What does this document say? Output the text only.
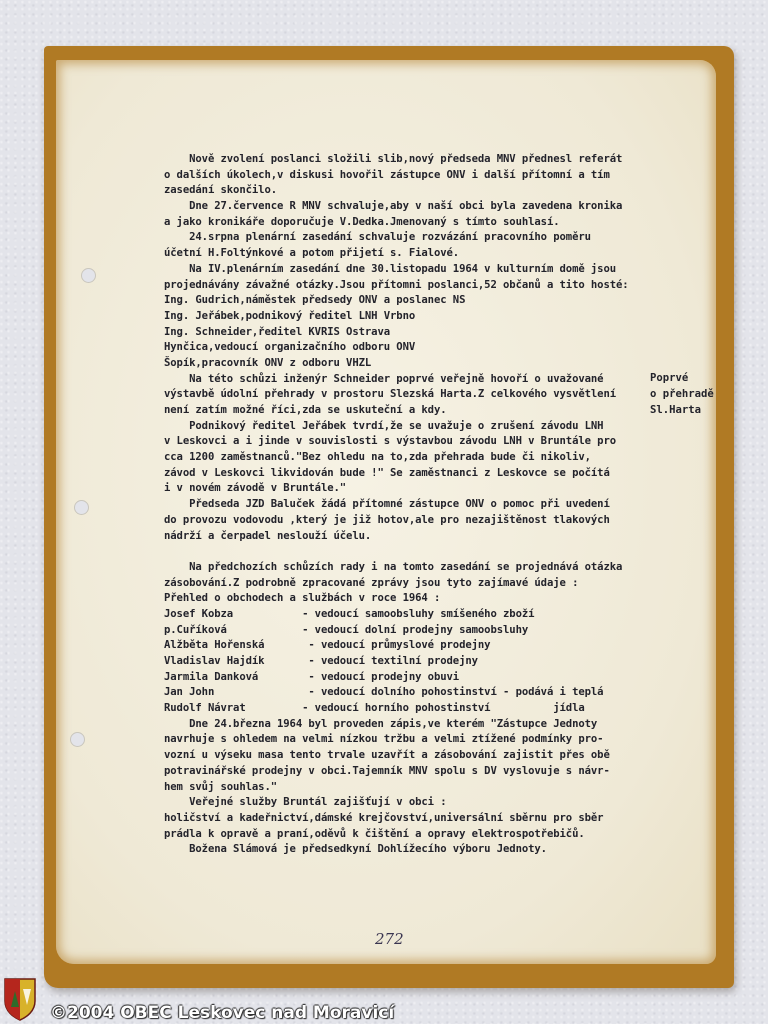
Nově zvolení poslanci složili slib,nový předseda MNV přednesl referát
o dalších úkolech,v diskusi hovořil zástupce ONV i další přítomní a tím
zasedání skončilo.
Dne 27.července R MNV schvaluje,aby v naší obci byla zavedena kronika
a jako kronikáře doporučuje V.Dedka.Jmenovaný s tímto souhlasí.
24.srpna plenární zasedání schvaluje rozvázání pracovního poměru
účetní H.Foltýnkové a potom přijetí s. Fialové.
Na IV.plenárním zasedání dne 30.listopadu 1964 v kulturním domě jsou
projednávány závažné otázky.Jsou přítomni poslanci,52 občanů a tito hosté:
Ing. Gudrich,náměstek předsedy ONV a poslanec NS
Ing. Jeřábek,podnikový ředitel LNH Vrbno
Ing. Schneider,ředitel KVRIS Ostrava
Hynčica,vedoucí organizačního odboru ONV
Šopík,pracovník ONV z odboru VHZL
Na této schůzi inženýr Schneider poprvé veřejně hovoří o uvažované
výstavbě údolní přehrady v prostoru Slezská Harta.Z celkového vysvětlení
není zatím možné říci,zda se uskuteční a kdy.
Podnikový ředitel Jeřábek tvrdí,že se uvažuje o zrušení závodu LNH
v Leskovci a i jinde v souvislosti s výstavbou závodu LNH v Bruntále pro
cca 1200 zaměstnanců."Bez ohledu na to,zda přehrada bude či nikoliv,
závod v Leskovci likvidován bude !" Se zaměstnanci z Leskovce se počítá
i v novém závodě v Bruntále."
Předseda JZD Baluček žádá přítomné zástupce ONV o pomoc při uvedení
do provozu vodovodu ,který je již hotov,ale pro nezajištěnost tlakových
nádrží a čerpadel neslouží účelu.
Na předchozích schůzích rady i na tomto zasedání se projednává otázka
zásobování.Z podrobně zpracované zprávy jsou tyto zajímavé údaje :
Přehled o obchodech a službách v roce 1964 :
Josef Kobza           - vedoucí samoobsluhy smíšeného zboží
p.Cuříková            - vedoucí dolní prodejny samoobsluhy
Alžběta Hořenská       - vedoucí průmyslové prodejny
Vladislav Hajdík       - vedoucí textilní prodejny
Jarmila Danková        - vedoucí prodejny obuvi
Jan John               - vedoucí dolního pohostinství - podává i teplá
Rudolf Návrat         - vedoucí horního pohostinství          jídla
Dne 24.března 1964 byl proveden zápis,ve kterém "Zástupce Jednoty
navrhuje s ohledem na velmi nízkou tržbu a velmi ztížené podmínky pro-
vozní u výseku masa tento trvale uzavřít a zásobování zajistit přes obě
potravinářské prodejny v obci.Tajemník MNV spolu s DV vyslovuje s návr-
hem svůj souhlas."
Veřejné služby Bruntál zajišťují v obci :
holičství a kadeřnictví,dámské krejčovství,universální sběrnu pro sběr
prádla k opravě a praní,oděvů k čištění a opravy elektrospotřebičů.
Božena Slámová je předsedkyní Dohlížecího výboru Jednoty.
Poprvé
o přehradě
Sl.Harta
272
©2004 OBEC Leskovec nad Moravicí
